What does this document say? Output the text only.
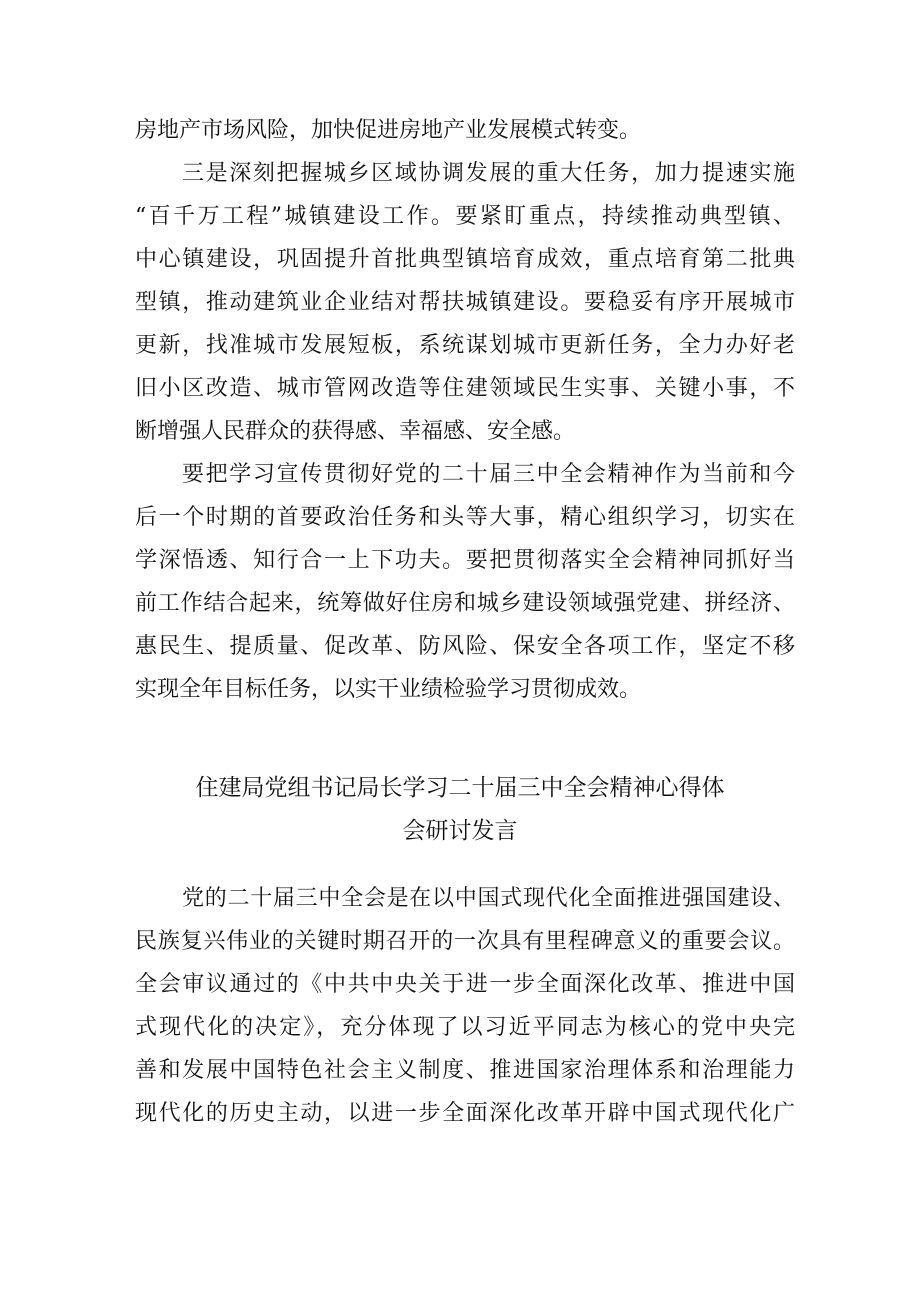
房地产市场风险，加快促进房地产业发展模式转变。
三是深刻把握城乡区域协调发展的重大任务，加力提速实施
“百千万工程”城镇建设工作。要紧盯重点，持续推动典型镇、
中心镇建设，巩固提升首批典型镇培育成效，重点培育第二批典
型镇，推动建筑业企业结对帮扶城镇建设。要稳妥有序开展城市
更新，找准城市发展短板，系统谋划城市更新任务，全力办好老
旧小区改造、城市管网改造等住建领域民生实事、关键小事，不
断增强人民群众的获得感、幸福感、安全感。
要把学习宣传贯彻好党的二十届三中全会精神作为当前和今
后一个时期的首要政治任务和头等大事，精心组织学习，切实在
学深悟透、知行合一上下功夫。要把贯彻落实全会精神同抓好当
前工作结合起来，统筹做好住房和城乡建设领域强党建、拼经济、
惠民生、提质量、促改革、防风险、保安全各项工作，坚定不移
实现全年目标任务，以实干业绩检验学习贯彻成效。
住建局党组书记局长学习二十届三中全会精神心得体
会研讨发言
党的二十届三中全会是在以中国式现代化全面推进强国建设、
民族复兴伟业的关键时期召开的一次具有里程碑意义的重要会议。
全会审议通过的《中共中央关于进一步全面深化改革、推进中国
式现代化的决定》，充分体现了以习近平同志为核心的党中央完
善和发展中国特色社会主义制度、推进国家治理体系和治理能力
现代化的历史主动，以进一步全面深化改革开辟中国式现代化广
